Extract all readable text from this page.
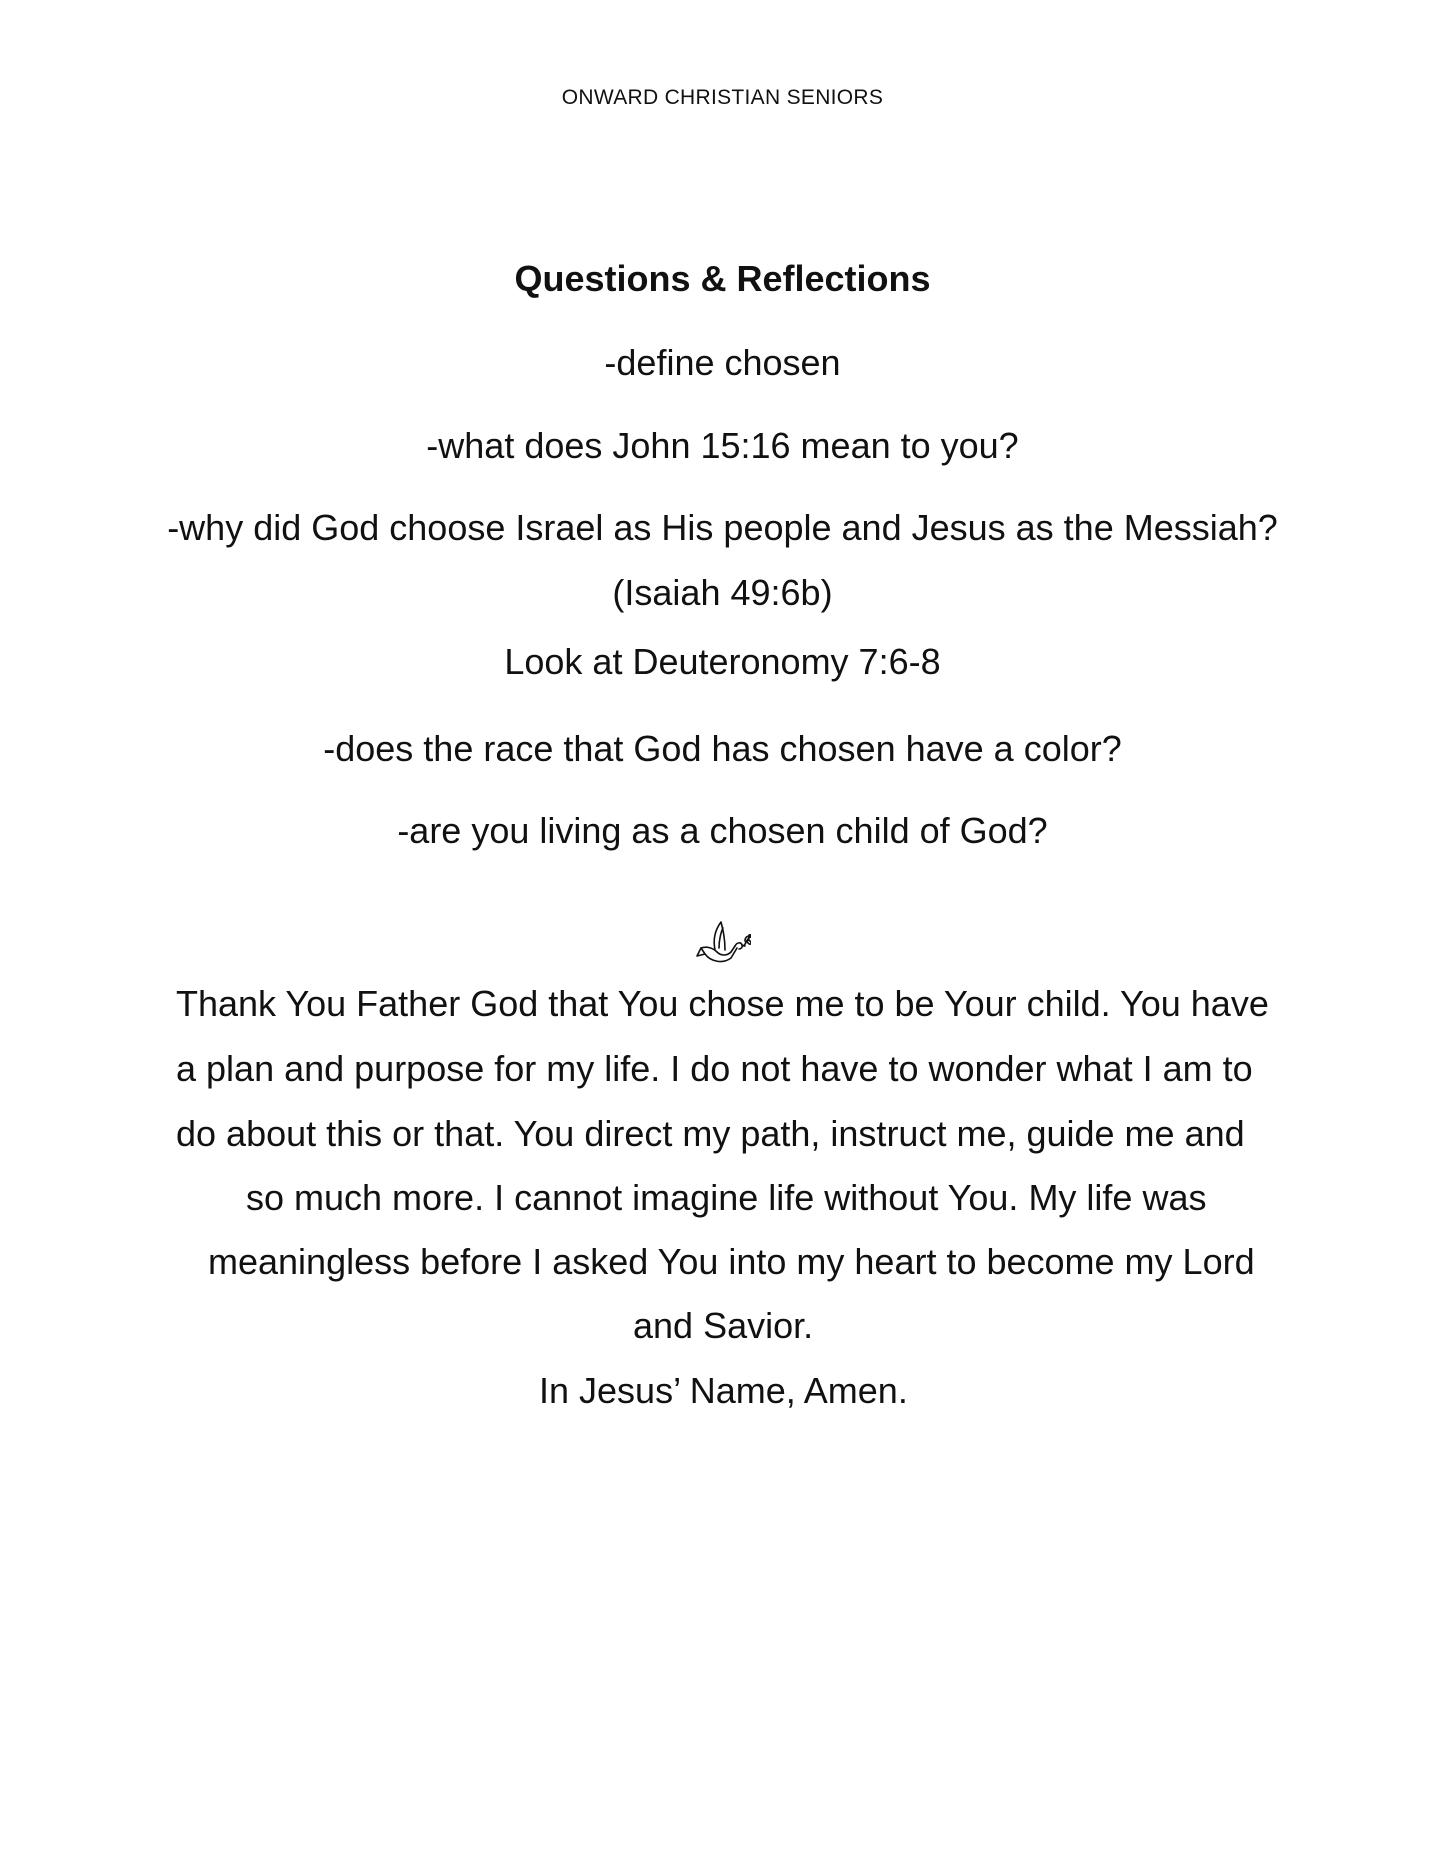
ONWARD CHRISTIAN SENIORS
Questions & Reflections
-define chosen
-what does John 15:16 mean to you?
-why did God choose Israel as His people and Jesus as the Messiah?
(Isaiah 49:6b)
Look at Deuteronomy 7:6-8
-does the race that God has chosen have a color?
-are you living as a chosen child of God?
Thank You Father God that You chose me to be Your child. You have
a plan and purpose for my life. I do not have to wonder what I am to
do about this or that. You direct my path, instruct me, guide me and
so much more. I cannot imagine life without You. My life was
meaningless before I asked You into my heart to become my Lord
and Savior.
In Jesus’ Name, Amen.
